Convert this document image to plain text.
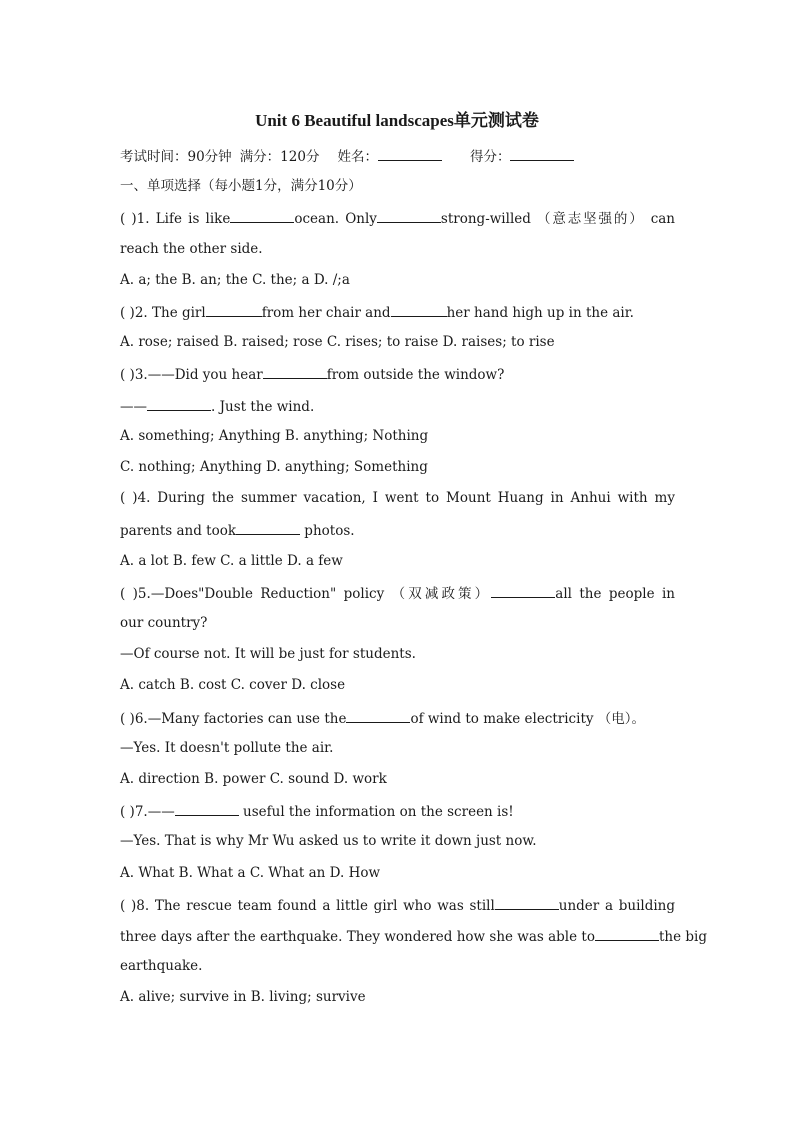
Unit 6 Beautiful landscapes单元测试卷
考试时间：90分钟 满分：120分 姓名：	得分：
一、单项选择（每小题1分，满分10分）
( )1. Life is like	ocean. Only	strong-willed （意志坚强的） can
reach the other side.
A. a; the B. an; the C. the; a D. /;a
( )2. The girl	from her chair and	her hand high up in the air.
A. rose; raised B. raised; rose C. rises; to raise D. raises; to rise
( )3.——Did you hear	from outside the window?
——	. Just the wind.
A. something; Anything B. anything; Nothing
C. nothing; Anything D. anything; Something
( )4. During the summer vacation, I went to Mount Huang in Anhui with my
parents and took	photos.
A. a lot B. few C. a little D. a few
( )5.—Does"Double Reduction" policy （双减政策）	all the people in
our country?
—Of course not. It will be just for students.
A. catch B. cost C. cover D. close
( )6.—Many factories can use the	of wind to make electricity （电）。
—Yes. It doesn't pollute the air.
A. direction B. power C. sound D. work
( )7.——	useful the information on the screen is!
—Yes. That is why Mr Wu asked us to write it down just now.
A. What B. What a C. What an D. How
( )8. The rescue team found a little girl who was still	under a building
three days after the earthquake. They wondered how she was able to	the big
earthquake.
A. alive; survive in B. living; survive
